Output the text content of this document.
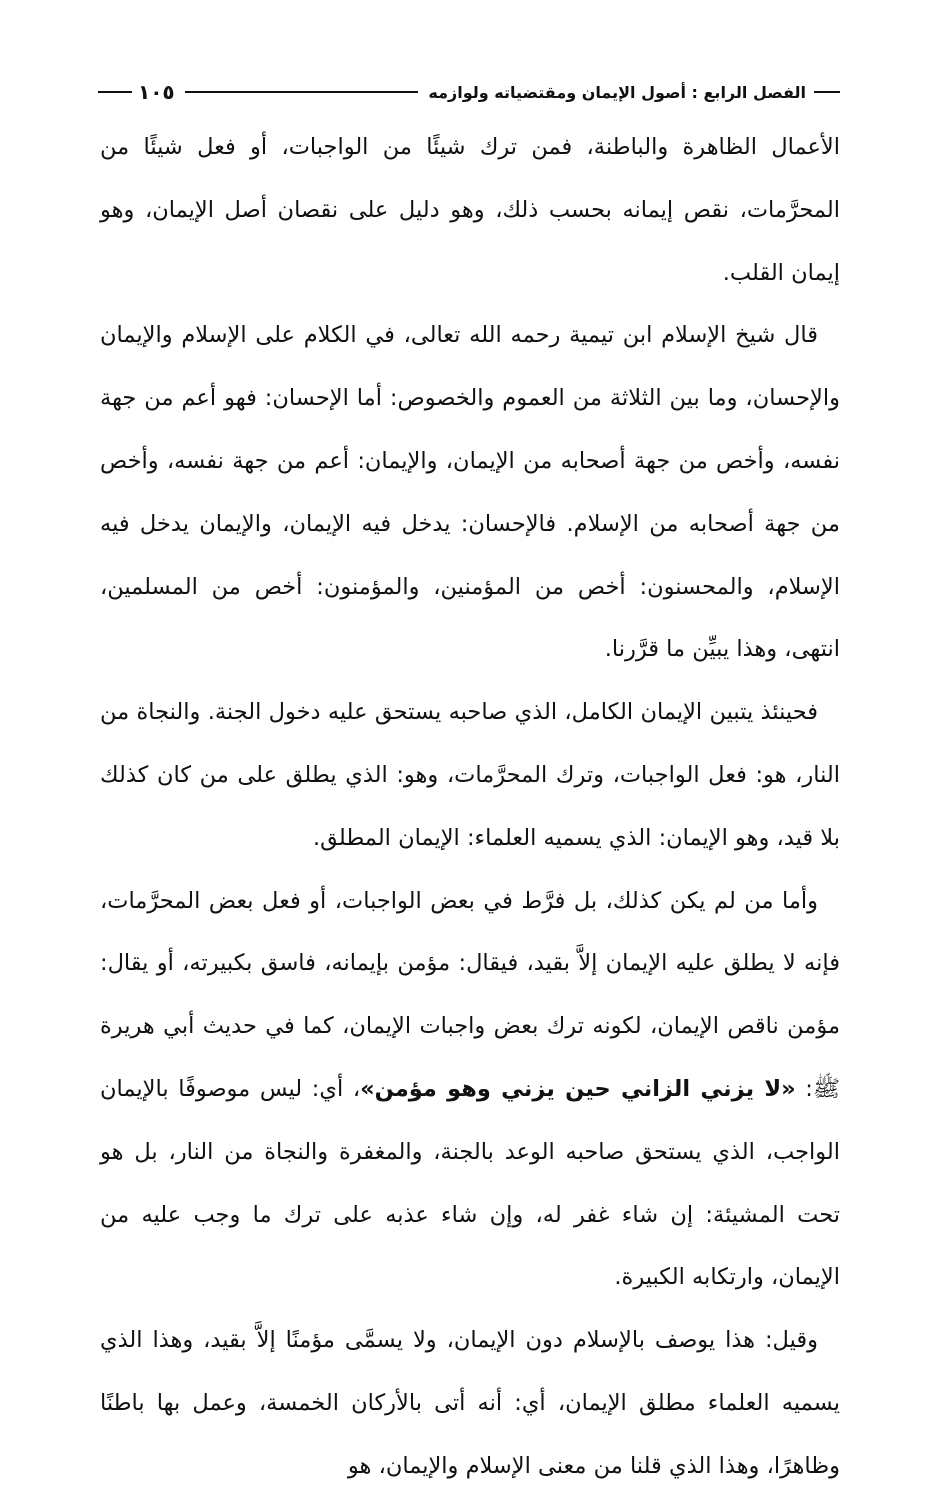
الفصل الرابع : أصول الإيمان ومقتضياته ولوازمه
١٠٥

الأعمال الظاهرة والباطنة، فمن ترك شيئًا من الواجبات، أو فعل شيئًا من المحرَّمات، نقص إيمانه بحسب ذلك، وهو دليل على نقصان أصل الإيمان، وهو إيمان القلب.

قال شيخ الإسلام ابن تيمية رحمه الله تعالى، في الكلام على الإسلام والإيمان والإحسان، وما بين الثلاثة من العموم والخصوص: أما الإحسان: فهو أعم من جهة نفسه، وأخص من جهة أصحابه من الإيمان، والإيمان: أعم من جهة نفسه، وأخص من جهة أصحابه من الإسلام. فالإحسان: يدخل فيه الإيمان، والإيمان يدخل فيه الإسلام، والمحسنون: أخص من المؤمنين، والمؤمنون: أخص من المسلمين، انتهى، وهذا يبيِّن ما قرَّرنا.

فحينئذ يتبين الإيمان الكامل، الذي صاحبه يستحق عليه دخول الجنة. والنجاة من النار، هو: فعل الواجبات، وترك المحرَّمات، وهو: الذي يطلق على من كان كذلك بلا قيد، وهو الإيمان: الذي يسميه العلماء: الإيمان المطلق.

وأما من لم يكن كذلك، بل فرَّط في بعض الواجبات، أو فعل بعض المحرَّمات، فإنه لا يطلق عليه الإيمان إلاَّ بقيد، فيقال: مؤمن بإيمانه، فاسق بكبيرته، أو يقال: مؤمن ناقص الإيمان، لكونه ترك بعض واجبات الإيمان، كما في حديث أبي هريرة ﷺ: «لا يزني الزاني حين يزني وهو مؤمن»، أي: ليس موصوفًا بالإيمان الواجب، الذي يستحق صاحبه الوعد بالجنة، والمغفرة والنجاة من النار، بل هو تحت المشيئة: إن شاء غفر له، وإن شاء عذبه على ترك ما وجب عليه من الإيمان، وارتكابه الكبيرة.

وقيل: هذا يوصف بالإسلام دون الإيمان، ولا يسمَّى مؤمنًا إلاَّ بقيد، وهذا الذي يسميه العلماء مطلق الإيمان، أي: أنه أتى بالأركان الخمسة، وعمل بها باطنًا وظاهرًا، وهذا الذي قلنا من معنى الإسلام والإيمان، هو
